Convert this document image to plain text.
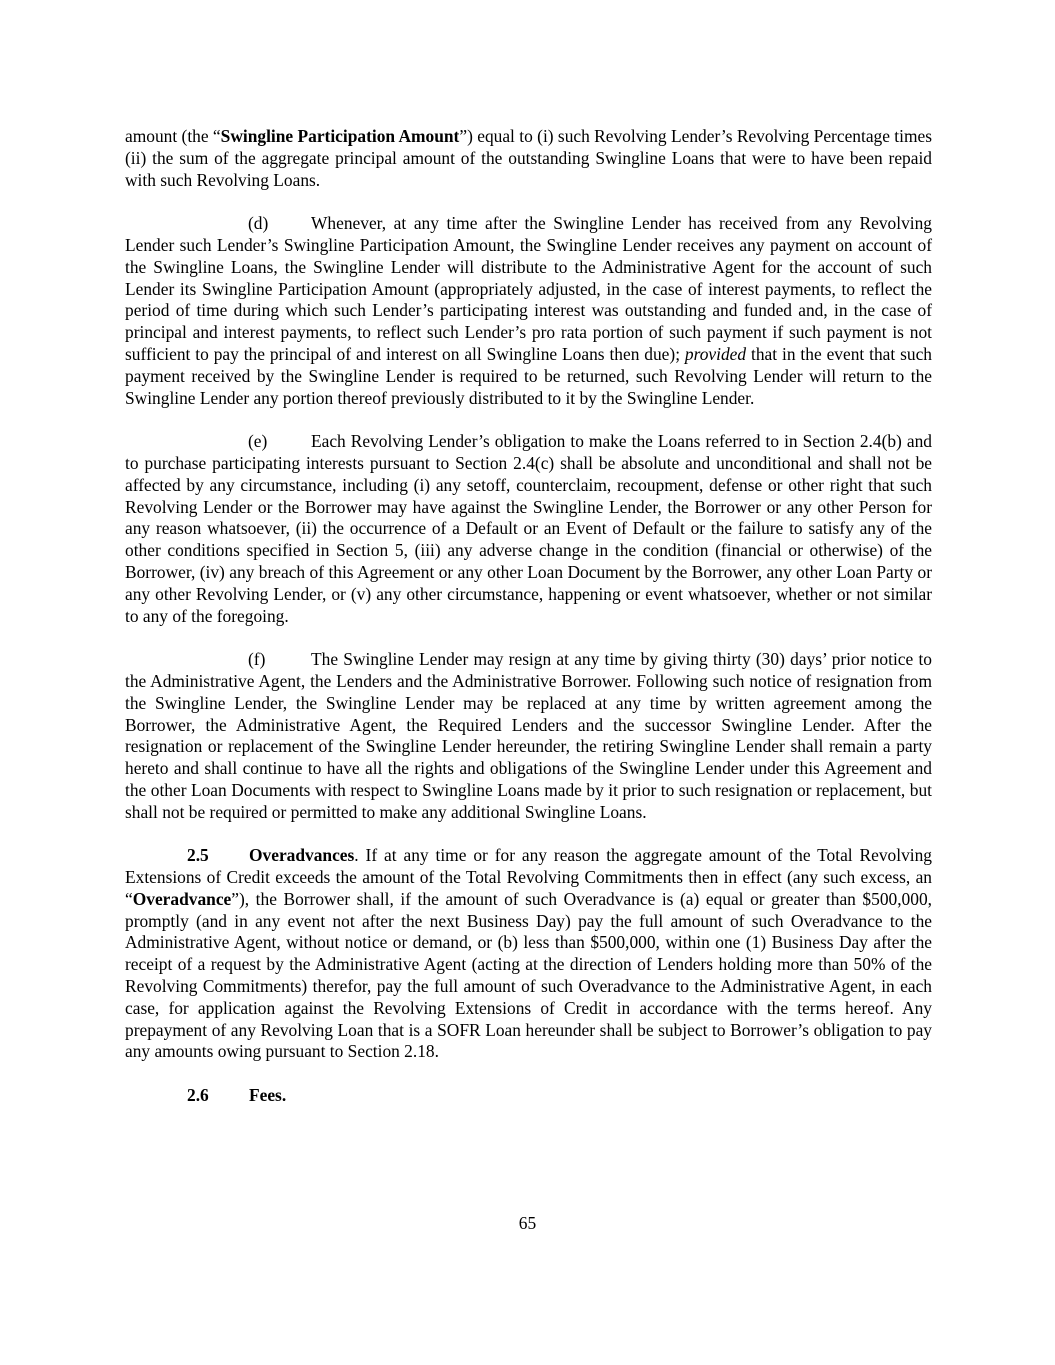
amount (the “Swingline Participation Amount”) equal to (i) such Revolving Lender’s Revolving Percentage times (ii) the sum of the aggregate principal amount of the outstanding Swingline Loans that were to have been repaid with such Revolving Loans.

(d) Whenever, at any time after the Swingline Lender has received from any Revolving Lender such Lender’s Swingline Participation Amount, the Swingline Lender receives any payment on account of the Swingline Loans, the Swingline Lender will distribute to the Administrative Agent for the account of such Lender its Swingline Participation Amount (appropriately adjusted, in the case of interest payments, to reflect the period of time during which such Lender’s participating interest was outstanding and funded and, in the case of principal and interest payments, to reflect such Lender’s pro rata portion of such payment if such payment is not sufficient to pay the principal of and interest on all Swingline Loans then due); provided that in the event that such payment received by the Swingline Lender is required to be returned, such Revolving Lender will return to the Swingline Lender any portion thereof previously distributed to it by the Swingline Lender.

(e)	Each Revolving Lender’s obligation to make the Loans referred to in Section 2.4(b) and to purchase participating interests pursuant to Section 2.4(c) shall be absolute and unconditional and shall not be affected by any circumstance, including (i) any setoff, counterclaim, recoupment, defense or other right that such Revolving Lender or the Borrower may have against the Swingline Lender, the Borrower or any other Person for any reason whatsoever, (ii) the occurrence of a Default or an Event of Default or the failure to satisfy any of the other conditions specified in Section 5, (iii) any adverse change in the condition (financial or otherwise) of the Borrower, (iv) any breach of this Agreement or any other Loan Document by the Borrower, any other Loan Party or any other Revolving Lender, or (v) any other circumstance, happening or event whatsoever, whether or not similar to any of the foregoing.

(f)	The Swingline Lender may resign at any time by giving thirty (30) days’ prior notice to the Administrative Agent, the Lenders and the Administrative Borrower. Following such notice of resignation from the Swingline Lender, the Swingline Lender may be replaced at any time by written agreement among the Borrower, the Administrative Agent, the Required Lenders and the successor Swingline Lender. After the resignation or replacement of the Swingline Lender hereunder, the retiring Swingline Lender shall remain a party hereto and shall continue to have all the rights and obligations of the Swingline Lender under this Agreement and the other Loan Documents with respect to Swingline Loans made by it prior to such resignation or replacement, but shall not be required or permitted to make any additional Swingline Loans.

2.5 Overadvances. If at any time or for any reason the aggregate amount of the Total Revolving Extensions of Credit exceeds the amount of the Total Revolving Commitments then in effect (any such excess, an “Overadvance”), the Borrower shall, if the amount of such Overadvance is (a) equal or greater than $500,000, promptly (and in any event not after the next Business Day) pay the full amount of such Overadvance to the Administrative Agent, without notice or demand, or (b) less than $500,000, within one (1) Business Day after the receipt of a request by the Administrative Agent (acting at the direction of Lenders holding more than 50% of the Revolving Commitments) therefor, pay the full amount of such Overadvance to the Administrative Agent, in each case, for application against the Revolving Extensions of Credit in accordance with the terms hereof. Any prepayment of any Revolving Loan that is a SOFR Loan hereunder shall be subject to Borrower’s obligation to pay any amounts owing pursuant to Section 2.18.

2.6 Fees.

65
